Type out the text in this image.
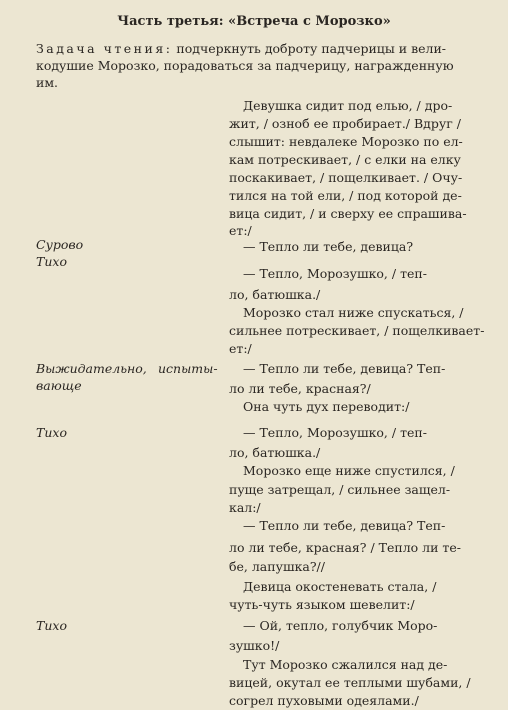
Часть третья: «Встреча с Морозко»
Задача чтения: подчеркнуть доброту падчерицы и вели-
кодушие Морозко, порадоваться за падчерицу, награжденную
им.
Сурово
Тихо
Выжидательно, испыты-
вающе
Тихо
Тихо
Девушка сидит под елью, / дро-
жит, / озноб ее пробирает./ Вдруг /
слышит: невдалеке Морозко по ел-
кам потрескивает, / с елки на елку
поскакивает, / пощелкивает. / Очу-
тился на той ели, / под которой де-
вица сидит, / и сверху ее спрашива-
ет:/
— Тепло ли тебе, девица?
— Тепло, Морозушко, / теп-
ло, батюшка./
Морозко стал ниже спускаться, /
сильнее потрескивает, / пощелкивает-
ет:/
— Тепло ли тебе, девица? Теп-
ло ли тебе, красная?/
Она чуть дух переводит:/
— Тепло, Морозушко, / теп-
ло, батюшка./
Морозко еще ниже спустился, /
пуще затрещал, / сильнее защел-
кал:/
— Тепло ли тебе, девица? Теп-
ло ли тебе, красная? / Тепло ли те-
бе, лапушка?//
Девица окостеневать стала, /
чуть-чуть языком шевелит:/
— Ой, тепло, голубчик Моро-
зушко!/
Тут Морозко сжалился над де-
вицей, окутал ее теплыми шубами, /
согрел пуховыми одеялами./
